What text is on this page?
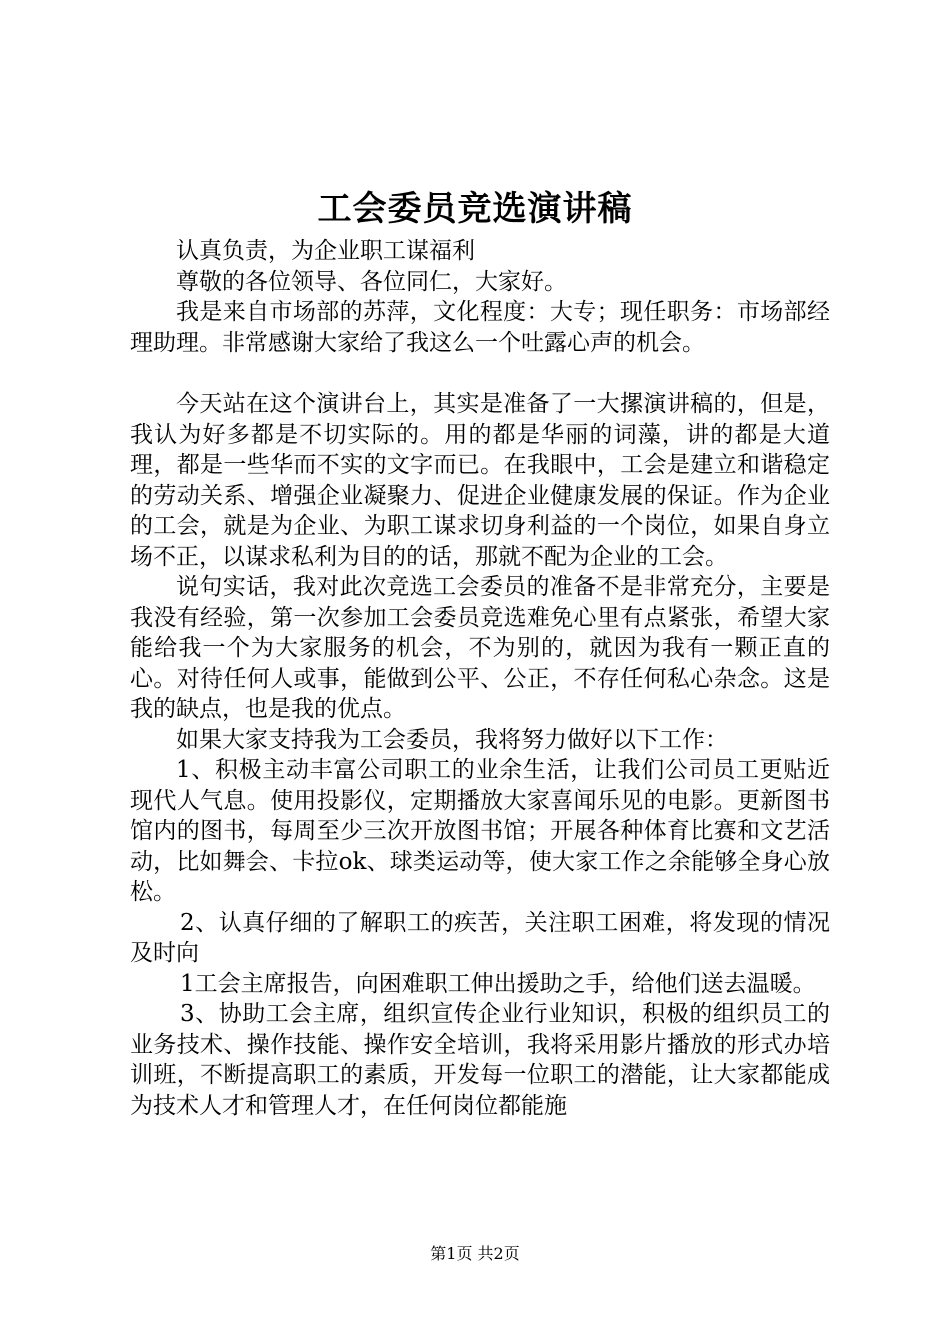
工会委员竞选演讲稿

认真负责，为企业职工谋福利

尊敬的各位领导、各位同仁，大家好。

我是来自市场部的苏萍，文化程度：大专；现任职务：市场部经理助理。非常感谢大家给了我这么一个吐露心声的机会。

今天站在这个演讲台上，其实是准备了一大摞演讲稿的，但是，我认为好多都是不切实际的。用的都是华丽的词藻，讲的都是大道理，都是一些华而不实的文字而已。在我眼中，工会是建立和谐稳定的劳动关系、增强企业凝聚力、促进企业健康发展的保证。作为企业的工会，就是为企业、为职工谋求切身利益的一个岗位，如果自身立场不正，以谋求私利为目的的话，那就不配为企业的工会。

说句实话，我对此次竞选工会委员的准备不是非常充分，主要是我没有经验，第一次参加工会委员竞选难免心里有点紧张，希望大家能给我一个为大家服务的机会，不为别的，就因为我有一颗正直的心。对待任何人或事，能做到公平、公正，不存任何私心杂念。这是我的缺点，也是我的优点。

如果大家支持我为工会委员，我将努力做好以下工作：

1、积极主动丰富公司职工的业余生活，让我们公司员工更贴近现代人气息。使用投影仪，定期播放大家喜闻乐见的电影。更新图书馆内的图书，每周至少三次开放图书馆；开展各种体育比赛和文艺活动，比如舞会、卡拉ok、球类运动等，使大家工作之余能够全身心放松。

2、认真仔细的了解职工的疾苦，关注职工困难，将发现的情况及时向

1工会主席报告，向困难职工伸出援助之手，给他们送去温暖。

3、协助工会主席，组织宣传企业行业知识，积极的组织员工的业务技术、操作技能、操作安全培训，我将采用影片播放的形式办培训班，不断提高职工的素质，开发每一位职工的潜能，让大家都能成为技术人才和管理人才，在任何岗位都能施

第1页 共2页
